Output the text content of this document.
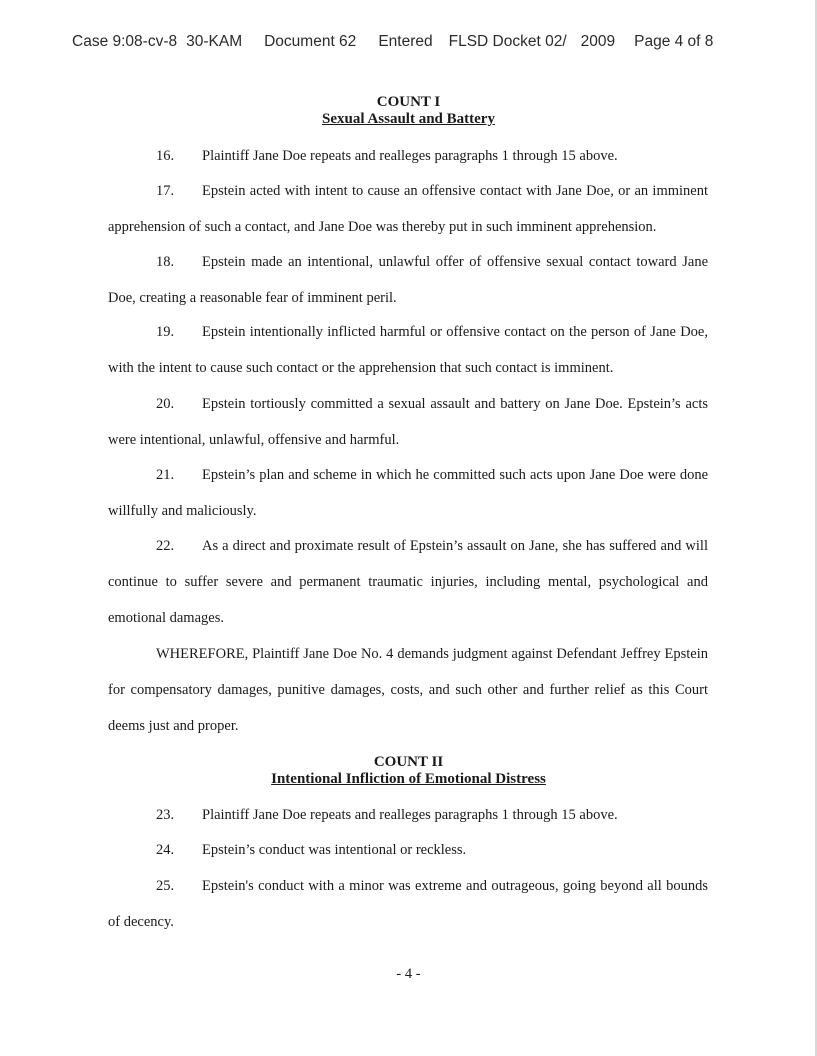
Case 9:08-cv-8 30-KAM Document 62 Entered FLSD Docket 02/ 2009 Page 4 of 8
COUNT I
Sexual Assault and Battery
16. Plaintiff Jane Doe repeats and realleges paragraphs 1 through 15 above.
17. Epstein acted with intent to cause an offensive contact with Jane Doe, or an imminent apprehension of such a contact, and Jane Doe was thereby put in such imminent apprehension.
18. Epstein made an intentional, unlawful offer of offensive sexual contact toward Jane Doe, creating a reasonable fear of imminent peril.
19. Epstein intentionally inflicted harmful or offensive contact on the person of Jane Doe, with the intent to cause such contact or the apprehension that such contact is imminent.
20. Epstein tortiously committed a sexual assault and battery on Jane Doe. Epstein’s acts were intentional, unlawful, offensive and harmful.
21. Epstein’s plan and scheme in which he committed such acts upon Jane Doe were done willfully and maliciously.
22. As a direct and proximate result of Epstein’s assault on Jane, she has suffered and will continue to suffer severe and permanent traumatic injuries, including mental, psychological and emotional damages.
WHEREFORE, Plaintiff Jane Doe No. 4 demands judgment against Defendant Jeffrey Epstein for compensatory damages, punitive damages, costs, and such other and further relief as this Court deems just and proper.
COUNT II
Intentional Infliction of Emotional Distress
23. Plaintiff Jane Doe repeats and realleges paragraphs 1 through 15 above.
24. Epstein’s conduct was intentional or reckless.
25. Epstein's conduct with a minor was extreme and outrageous, going beyond all bounds of decency.
- 4 -
